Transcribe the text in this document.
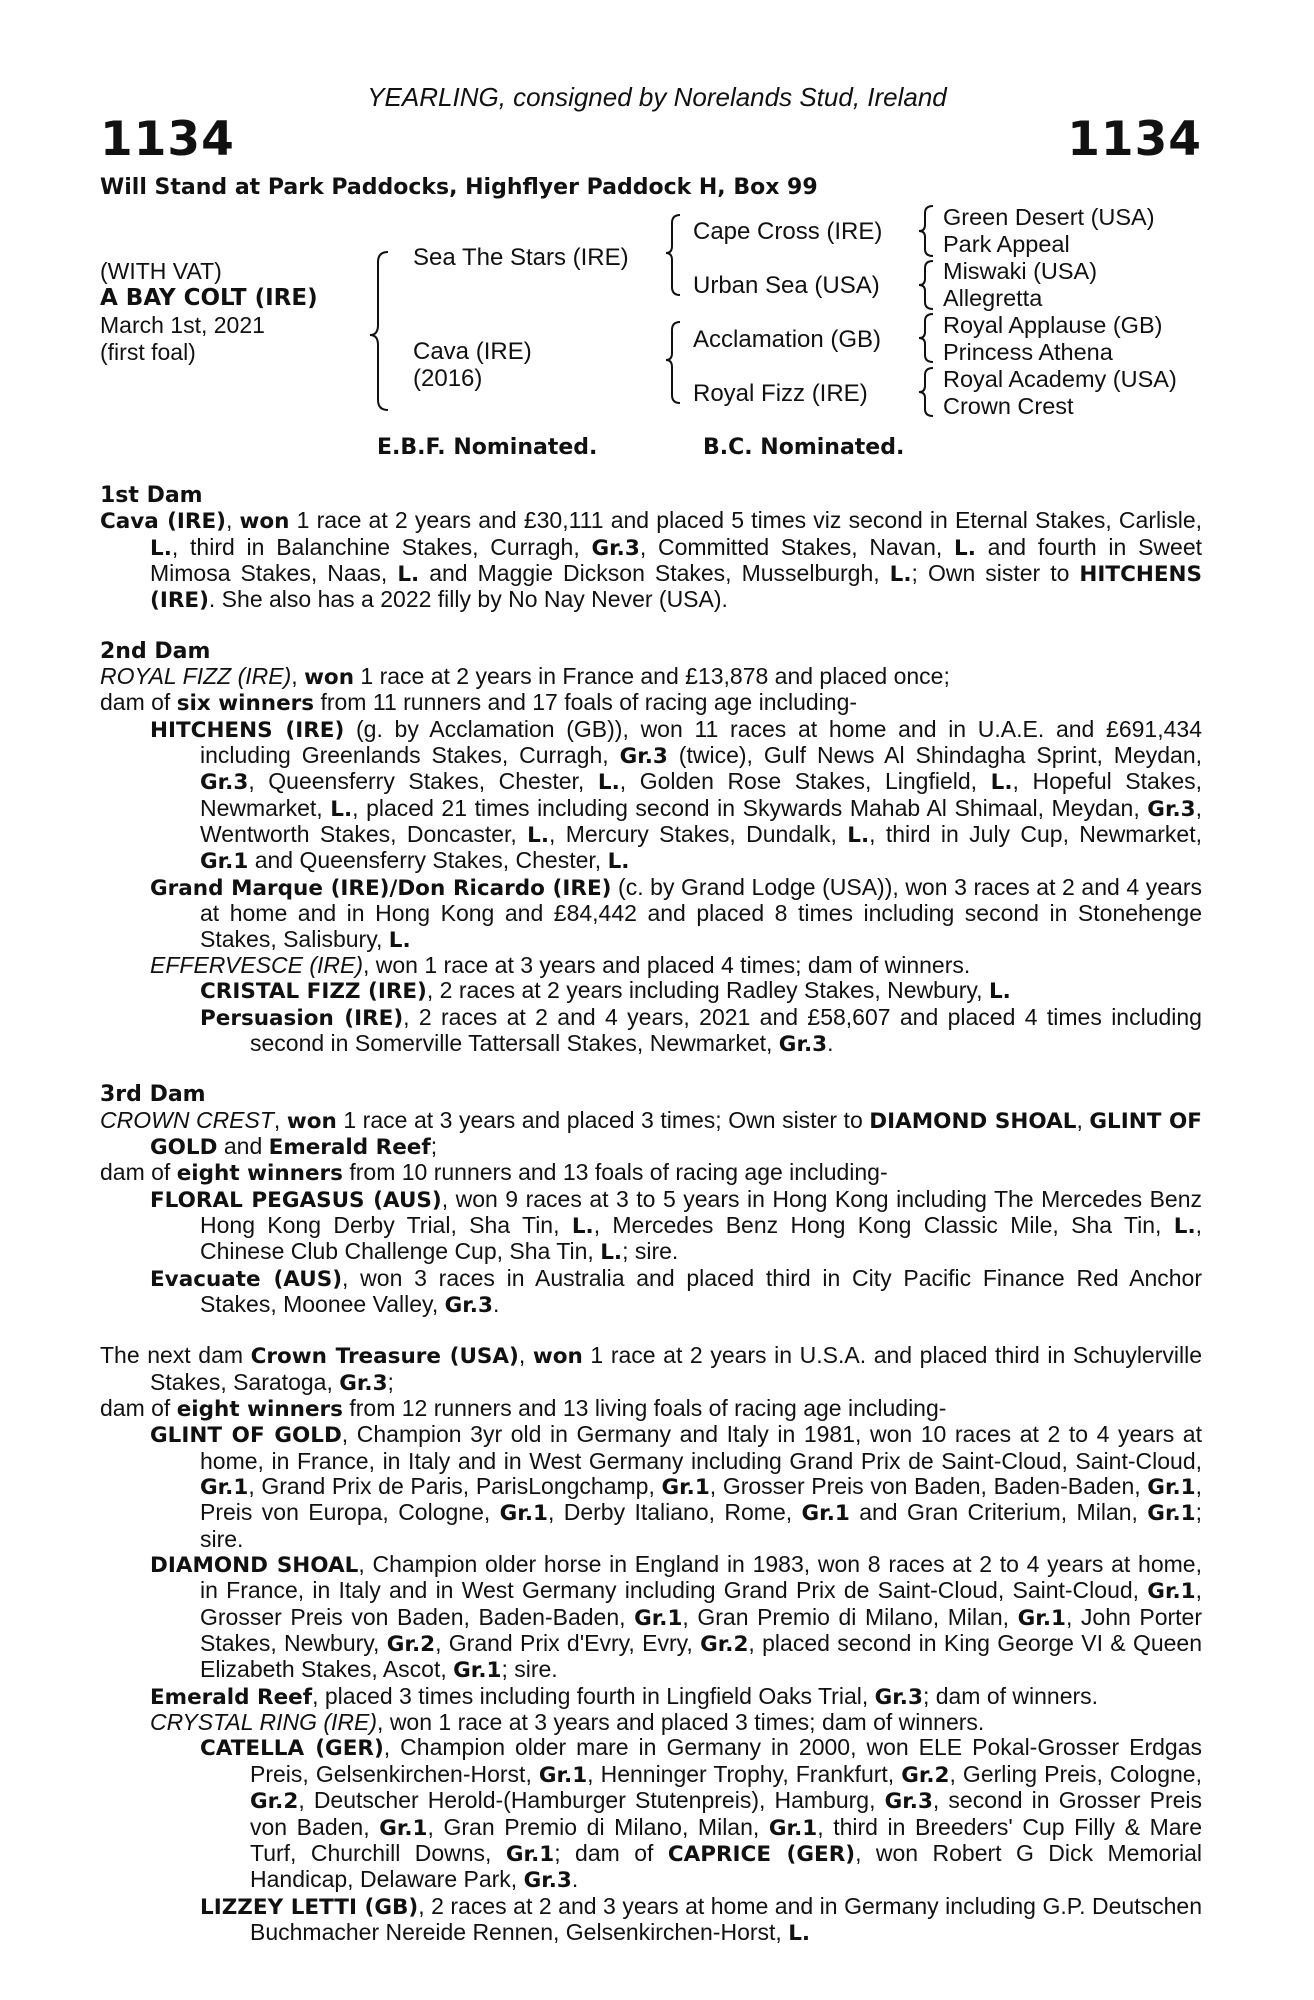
YEARLING, consigned by Norelands Stud, Ireland
1134	1134
Will Stand at Park Paddocks, Highflyer Paddock H, Box 99
(WITH VAT)
A BAY COLT (IRE)
March 1st, 2021
(first foal)
Sea The Stars (IRE)
Cava (IRE)
(2016)
Cape Cross (IRE)
Urban Sea (USA)
Acclamation (GB)
Royal Fizz (IRE)
Green Desert (USA)
Park Appeal
Miswaki (USA)
Allegretta
Royal Applause (GB)
Princess Athena
Royal Academy (USA)
Crown Crest
E.B.F. Nominated.	B.C. Nominated.

1st Dam

Cava (IRE), won 1 race at 2 years and £30,111 and placed 5 times viz second in Eternal Stakes, Carlisle, L., third in Balanchine Stakes, Curragh, Gr.3, Committed Stakes, Navan, L. and fourth in Sweet Mimosa Stakes, Naas, L. and Maggie Dickson Stakes, Musselburgh, L.; Own sister to HITCHENS (IRE). She also has a 2022 filly by No Nay Never (USA).

2nd Dam

ROYAL FIZZ (IRE), won 1 race at 2 years in France and £13,878 and placed once;

dam of six winners from 11 runners and 17 foals of racing age including-

HITCHENS (IRE) (g. by Acclamation (GB)), won 11 races at home and in U.A.E. and £691,434 including Greenlands Stakes, Curragh, Gr.3 (twice), Gulf News Al Shindagha Sprint, Meydan, Gr.3, Queensferry Stakes, Chester, L., Golden Rose Stakes, Lingfield, L., Hopeful Stakes, Newmarket, L., placed 21 times including second in Skywards Mahab Al Shimaal, Meydan, Gr.3, Wentworth Stakes, Doncaster, L., Mercury Stakes, Dundalk, L., third in July Cup, Newmarket, Gr.1 and Queensferry Stakes, Chester, L.

Grand Marque (IRE)/Don Ricardo (IRE) (c. by Grand Lodge (USA)), won 3 races at 2 and 4 years at home and in Hong Kong and £84,442 and placed 8 times including second in Stonehenge Stakes, Salisbury, L.

EFFERVESCE (IRE), won 1 race at 3 years and placed 4 times; dam of winners.

CRISTAL FIZZ (IRE), 2 races at 2 years including Radley Stakes, Newbury, L.

Persuasion (IRE), 2 races at 2 and 4 years, 2021 and £58,607 and placed 4 times including second in Somerville Tattersall Stakes, Newmarket, Gr.3.

3rd Dam

CROWN CREST, won 1 race at 3 years and placed 3 times; Own sister to DIAMOND SHOAL, GLINT OF GOLD and Emerald Reef;

dam of eight winners from 10 runners and 13 foals of racing age including-

FLORAL PEGASUS (AUS), won 9 races at 3 to 5 years in Hong Kong including The Mercedes Benz Hong Kong Derby Trial, Sha Tin, L., Mercedes Benz Hong Kong Classic Mile, Sha Tin, L., Chinese Club Challenge Cup, Sha Tin, L.; sire.

Evacuate (AUS), won 3 races in Australia and placed third in City Pacific Finance Red Anchor Stakes, Moonee Valley, Gr.3.

The next dam Crown Treasure (USA), won 1 race at 2 years in U.S.A. and placed third in Schuylerville Stakes, Saratoga, Gr.3;

dam of eight winners from 12 runners and 13 living foals of racing age including-

GLINT OF GOLD, Champion 3yr old in Germany and Italy in 1981, won 10 races at 2 to 4 years at home, in France, in Italy and in West Germany including Grand Prix de Saint-Cloud, Saint-Cloud, Gr.1, Grand Prix de Paris, ParisLongchamp, Gr.1, Grosser Preis von Baden, Baden-Baden, Gr.1, Preis von Europa, Cologne, Gr.1, Derby Italiano, Rome, Gr.1 and Gran Criterium, Milan, Gr.1; sire.

DIAMOND SHOAL, Champion older horse in England in 1983, won 8 races at 2 to 4 years at home, in France, in Italy and in West Germany including Grand Prix de Saint-Cloud, Saint-Cloud, Gr.1, Grosser Preis von Baden, Baden-Baden, Gr.1, Gran Premio di Milano, Milan, Gr.1, John Porter Stakes, Newbury, Gr.2, Grand Prix d'Evry, Evry, Gr.2, placed second in King George VI & Queen Elizabeth Stakes, Ascot, Gr.1; sire.

Emerald Reef, placed 3 times including fourth in Lingfield Oaks Trial, Gr.3; dam of winners.

CRYSTAL RING (IRE), won 1 race at 3 years and placed 3 times; dam of winners.

CATELLA (GER), Champion older mare in Germany in 2000, won ELE Pokal-Grosser Erdgas Preis, Gelsenkirchen-Horst, Gr.1, Henninger Trophy, Frankfurt, Gr.2, Gerling Preis, Cologne, Gr.2, Deutscher Herold-(Hamburger Stutenpreis), Hamburg, Gr.3, second in Grosser Preis von Baden, Gr.1, Gran Premio di Milano, Milan, Gr.1, third in Breeders' Cup Filly & Mare Turf, Churchill Downs, Gr.1; dam of CAPRICE (GER), won Robert G Dick Memorial Handicap, Delaware Park, Gr.3.

LIZZEY LETTI (GB), 2 races at 2 and 3 years at home and in Germany including G.P. Deutschen Buchmacher Nereide Rennen, Gelsenkirchen-Horst, L.
